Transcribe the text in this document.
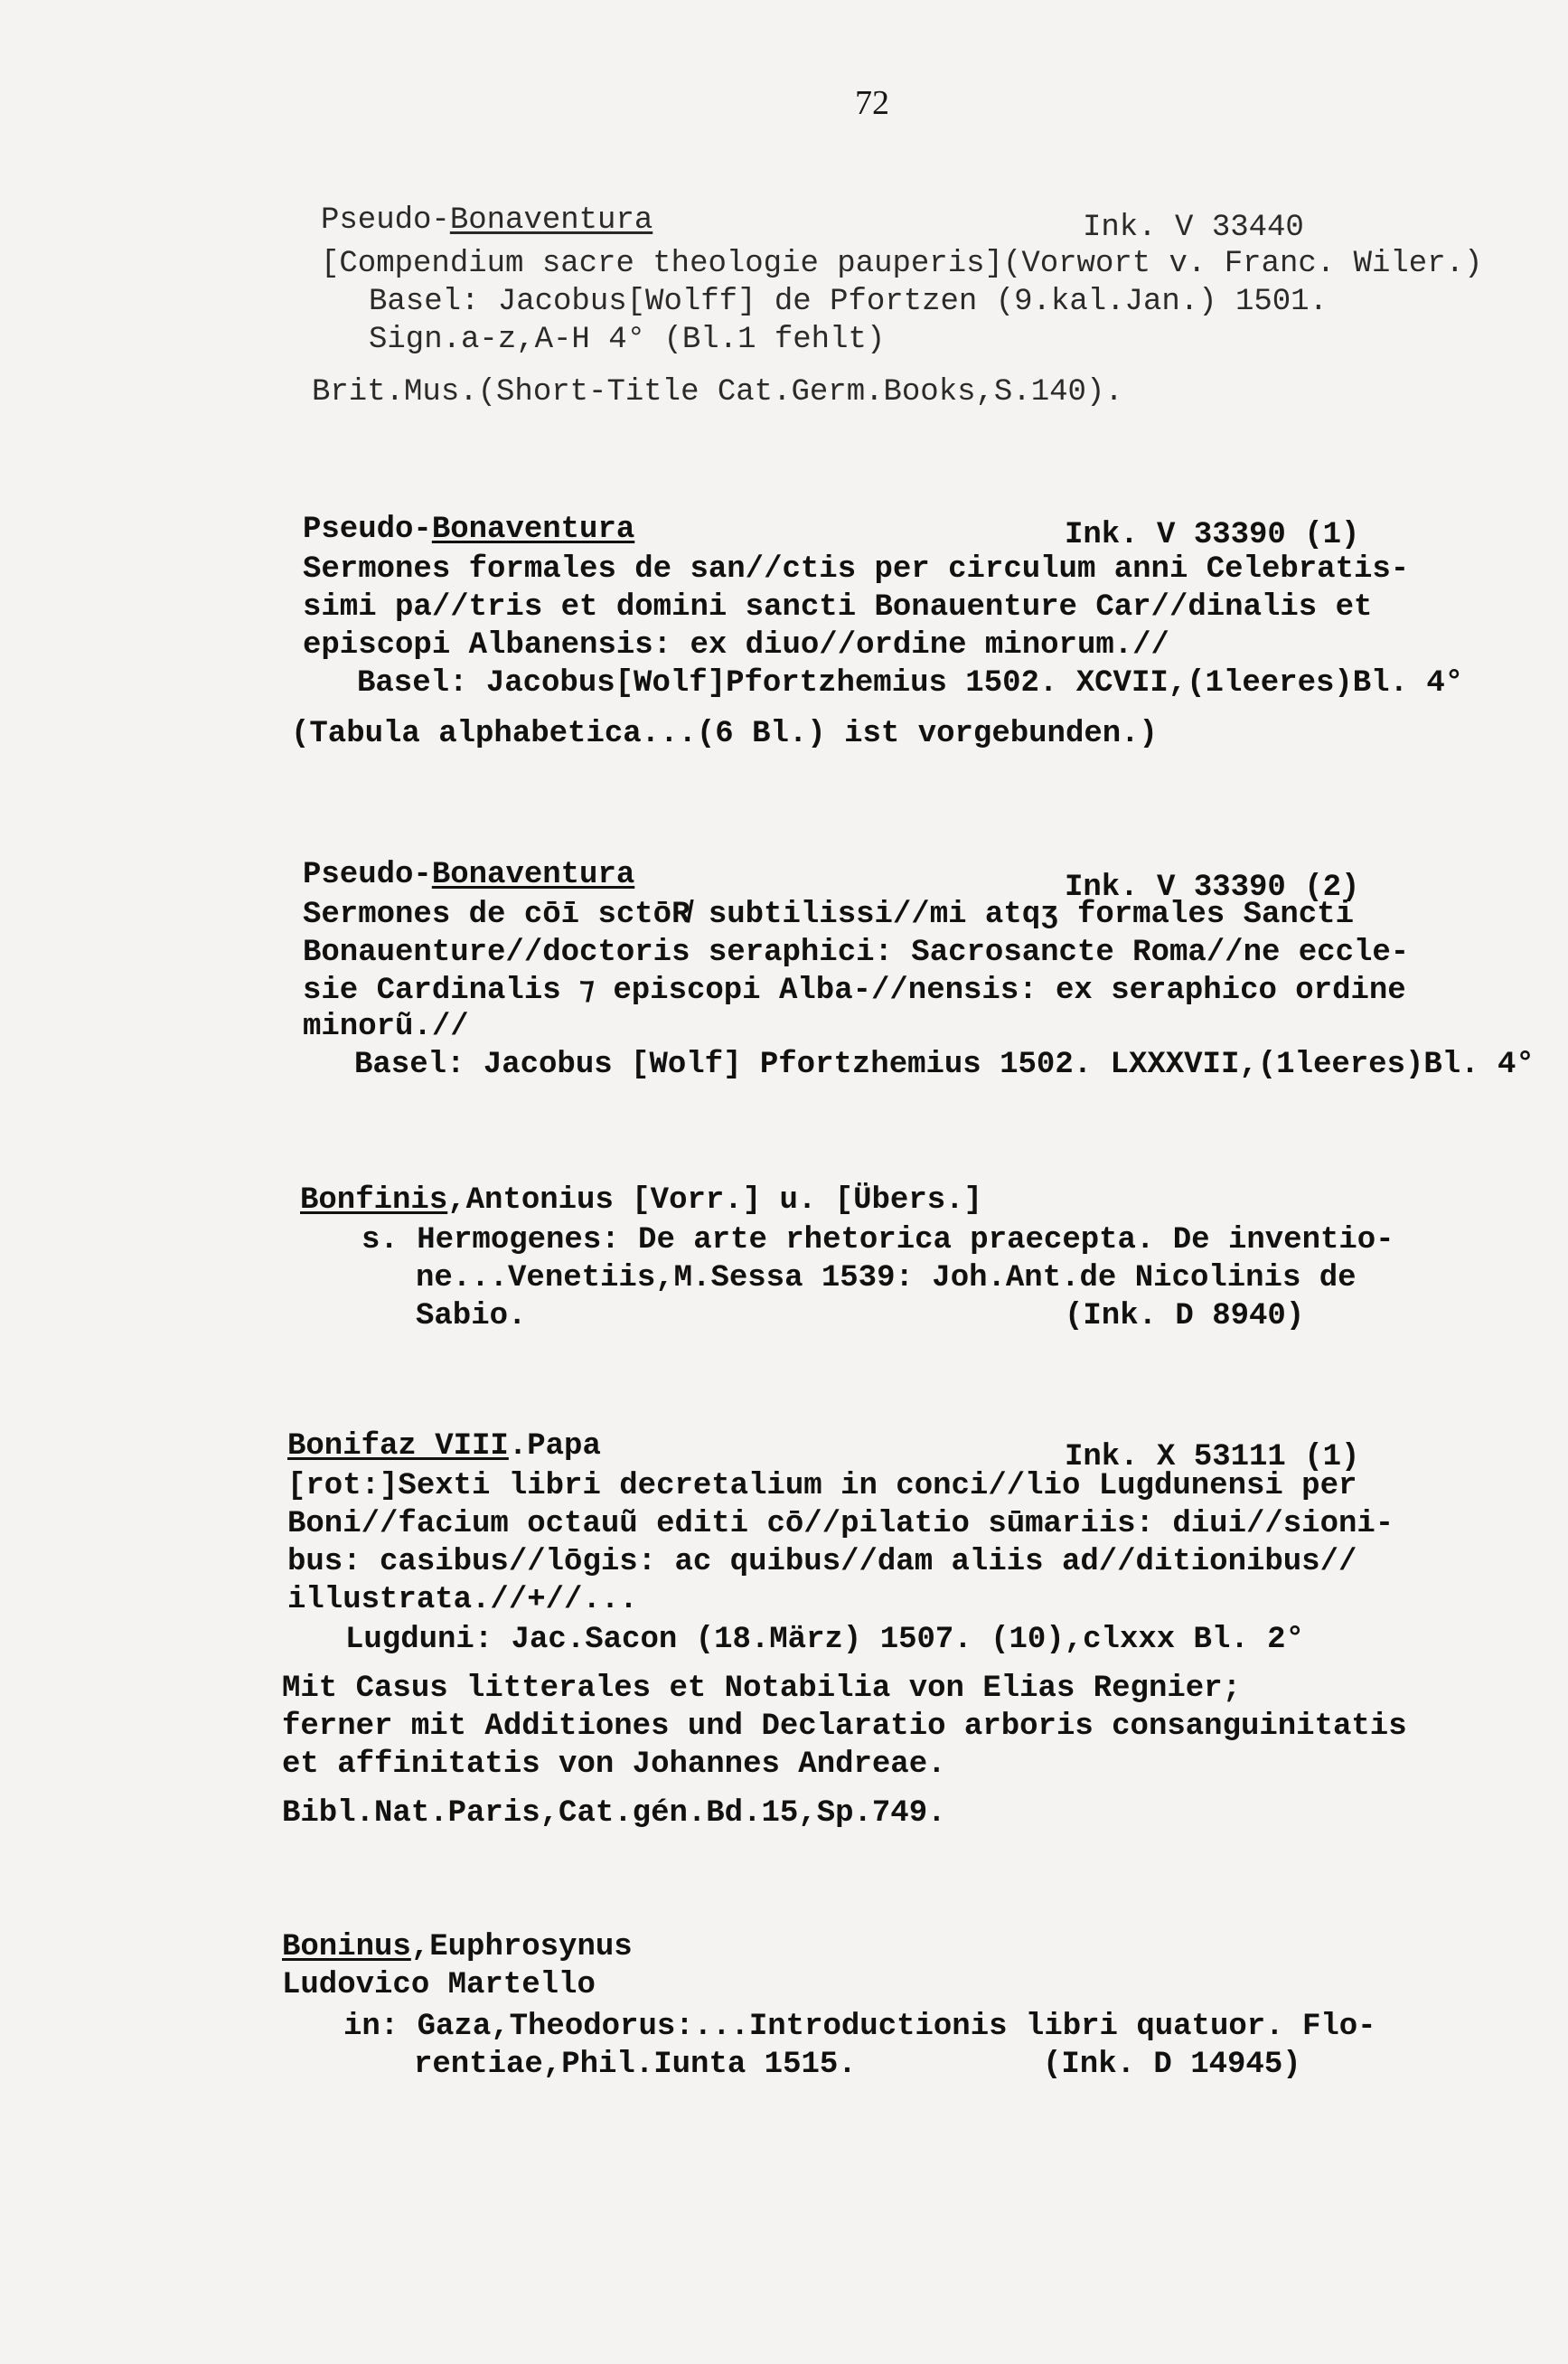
72
Pseudo-Bonaventura	Ink. V 33440
[Compendium sacre theologie pauperis](Vorwort v. Franc. Wiler.)
Basel: Jacobus[Wolff] de Pfortzen (9.kal.Jan.) 1501.
Sign.a-z,A-H 4° (Bl.1 fehlt)
Brit.Mus.(Short-Title Cat.Germ.Books,S.140).
Pseudo-Bonaventura	Ink. V 33390 (1)
Sermones formales de san//ctis per circulum anni Celebratis-
simi pa//tris et domini sancti Bonauenture Car//dinalis et
episcopi Albanensis: ex diuo//ordine minorum.//
Basel: Jacobus[Wolf]Pfortzhemius 1502. XCVII,(1leeres)Bl. 4°
(Tabula alphabetica...(6 Bl.) ist vorgebunden.)
Pseudo-Bonaventura	Ink. V 33390 (2)
Sermones de cōī sctōR̸ subtilissi//mi atqʒ formales Sancti
Bonauenture//doctoris seraphici: Sacrosancte Roma//ne eccle-
sie Cardinalis ⁊ episcopi Alba-//nensis: ex seraphico ordine
minorũ.//
Basel: Jacobus [Wolf] Pfortzhemius 1502. LXXXVII,(1leeres)Bl. 4°
Bonfinis,Antonius [Vorr.] u. [Übers.]
s. Hermogenes: De arte rhetorica praecepta. De inventio-
ne...Venetiis,M.Sessa 1539: Joh.Ant.de Nicolinis de
Sabio.	(Ink. D 8940)
Bonifaz VIII.Papa	Ink. X 53111 (1)
[rot:]Sexti libri decretalium in conci//lio Lugdunensi per
Boni//facium octauũ editi cō//pilatio sūmariis: diui//sioni-
bus: casibus//lōgis: ac quibus//dam aliis ad//ditionibus//
illustrata.//+//...
Lugduni: Jac.Sacon (18.März) 1507. (10),clxxx Bl. 2°
Mit Casus litterales et Notabilia von Elias Regnier;
ferner mit Additiones und Declaratio arboris consanguinitatis
et affinitatis von Johannes Andreae.
Bibl.Nat.Paris,Cat.gén.Bd.15,Sp.749.
Boninus,Euphrosynus
Ludovico Martello
in: Gaza,Theodorus:...Introductionis libri quatuor. Flo-
rentiae,Phil.Iunta 1515.	(Ink. D 14945)
